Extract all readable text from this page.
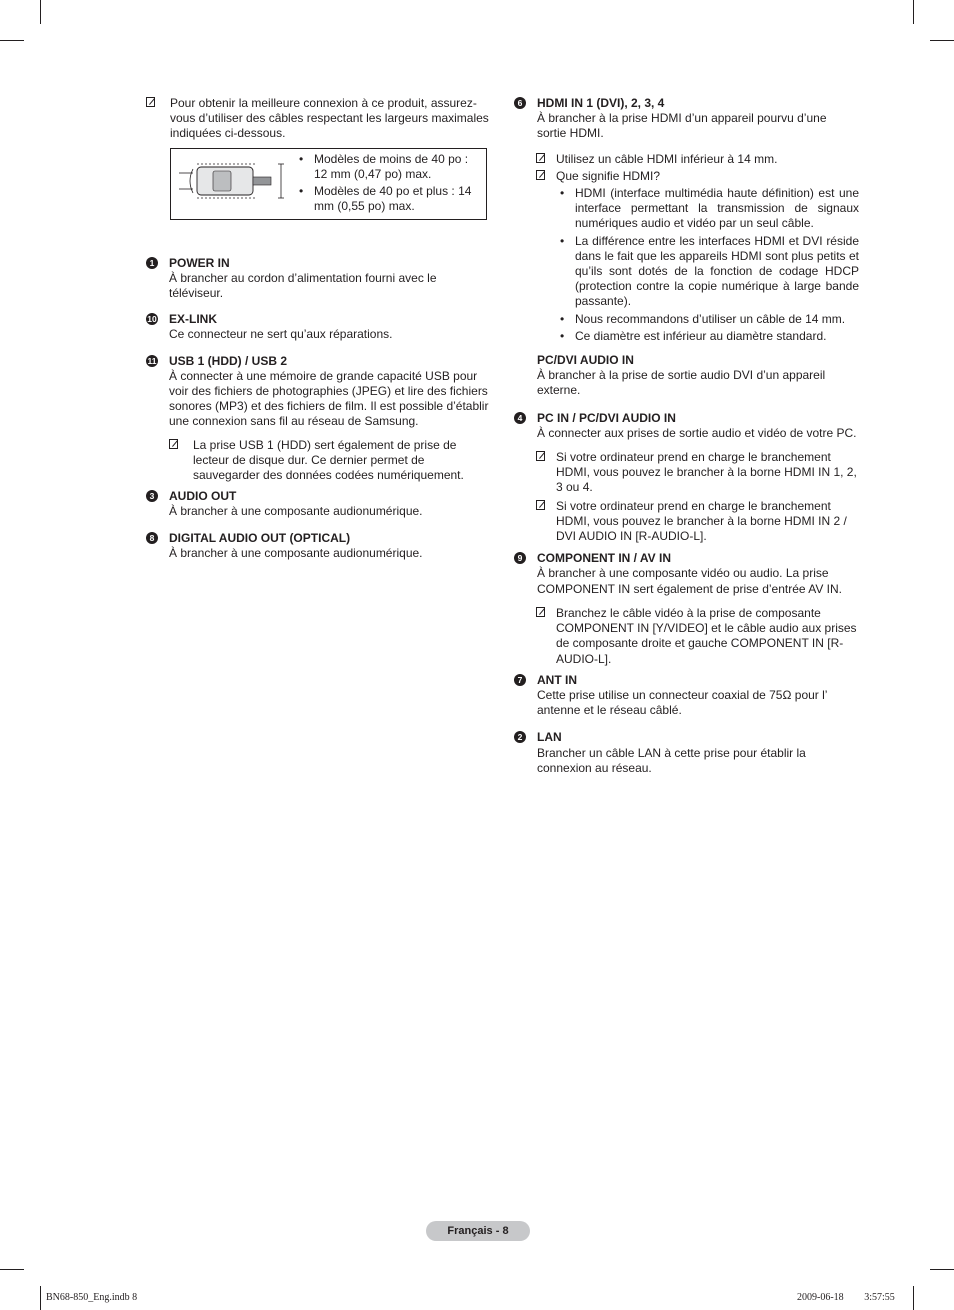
Pour obtenir la meilleure connexion à ce produit, assurez-vous d’utiliser des câbles respectant les largeurs maximales indiquées ci-dessous.
• Modèles de moins de 40 po : 12 mm (0,47 po) max.
• Modèles de 40 po et plus : 14 mm (0,55 po) max.
1	POWER IN
À brancher au cordon d’alimentation fourni avec le téléviseur.
10 EX-LINK
Ce connecteur ne sert qu’aux réparations.
11 USB 1 (HDD) / USB 2
À connecter à une mémoire de grande capacité USB pour voir des fichiers de photographies (JPEG) et lire des fichiers sonores (MP3) et des fichiers de film. Il est possible d’établir une connexion sans fil au réseau de Samsung.
La prise USB 1 (HDD) sert également de prise de lecteur de disque dur. Ce dernier permet de sauvegarder des données codées numériquement.
3	AUDIO OUT
À brancher à une composante audionumérique.
8	DIGITAL AUDIO OUT (OPTICAL)
À brancher à une composante audionumérique.
6	HDMI IN 1 (DVI), 2, 3, 4
À brancher à la prise HDMI d’un appareil pourvu d’une sortie HDMI.
Utilisez un câble HDMI inférieur à 14 mm.
Que signifie HDMI?
• HDMI (interface multimédia haute définition) est une interface permettant la transmission de signaux numériques audio et vidéo par un seul câble.
• La différence entre les interfaces HDMI et DVI réside dans le fait que les appareils HDMI sont plus petits et qu’ils sont dotés de la fonction de codage HDCP (protection contre la copie numérique à large bande passante).
• Nous recommandons d’utiliser un câble de 14 mm.
• Ce diamètre est inférieur au diamètre standard.
PC/DVI AUDIO IN
À brancher à la prise de sortie audio DVI d’un appareil externe.
4	PC IN / PC/DVI AUDIO IN
À connecter aux prises de sortie audio et vidéo de votre PC.
Si votre ordinateur prend en charge le branchement HDMI, vous pouvez le brancher à la borne HDMI IN 1, 2, 3 ou 4.
Si votre ordinateur prend en charge le branchement HDMI, vous pouvez le brancher à la borne HDMI IN 2 / DVI AUDIO IN [R-AUDIO-L].
9	COMPONENT IN / AV IN
À brancher à une composante vidéo ou audio. La prise COMPONENT IN sert également de prise d’entrée AV IN.
Branchez le câble vidéo à la prise de composante COMPONENT IN [Y/VIDEO] et le câble audio aux prises de composante droite et gauche COMPONENT IN [R-AUDIO-L].
7	ANT IN
Cette prise utilise un connecteur coaxial de 75Ω pour l’ antenne et le réseau câblé.
2	LAN
Brancher un câble LAN à cette prise pour établir la connexion au réseau.
Français - 8
BN68-850_Eng.indb 8	2009-06-18 􏰀􏰀 3:57:55
